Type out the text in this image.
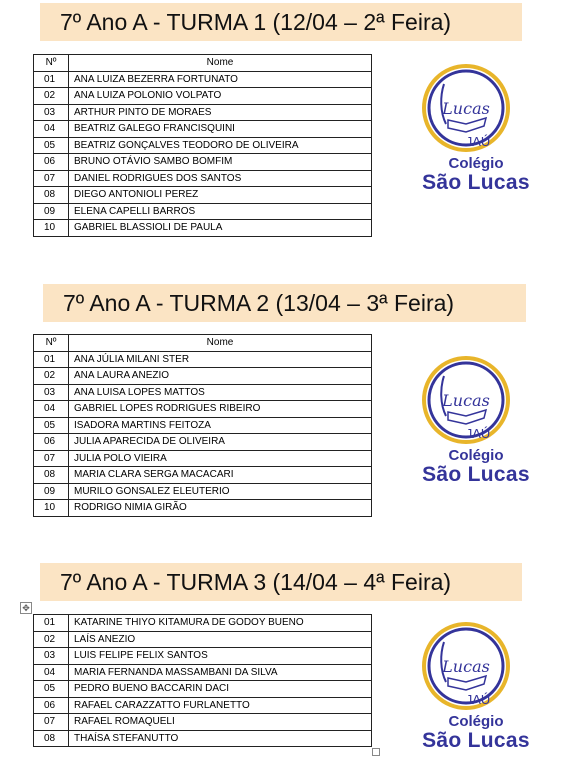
7º Ano A - TURMA 1 (12/04 – 2ª Feira)
Nº	Nome
01	ANA LUIZA BEZERRA FORTUNATO
02	ANA LUIZA POLONIO VOLPATO
03	ARTHUR PINTO DE MORAES
04	BEATRIZ GALEGO FRANCISQUINI
05	BEATRIZ GONÇALVES TEODORO DE OLIVEIRA
06	BRUNO OTÁVIO SAMBO BOMFIM
07	DANIEL RODRIGUES DOS SANTOS
08	DIEGO ANTONIOLI PEREZ
09	ELENA CAPELLI BARROS
10	GABRIEL BLASSIOLI DE PAULA
Lucas
JAÚ
Colégio
São Lucas
7º Ano A - TURMA 2 (13/04 – 3ª Feira)
Nº	Nome
01	ANA JÚLIA MILANI STER
02	ANA LAURA ANEZIO
03	ANA LUISA LOPES MATTOS
04	GABRIEL LOPES RODRIGUES RIBEIRO
05	ISADORA MARTINS FEITOZA
06	JULIA APARECIDA DE OLIVEIRA
07	JULIA POLO VIEIRA
08	MARIA CLARA SERGA MACACARI
09	MURILO GONSALEZ ELEUTERIO
10	RODRIGO NIMIA GIRÃO
Lucas
JAÚ
Colégio
São Lucas
7º Ano A - TURMA 3 (14/04 – 4ª Feira)
✥
01	KATARINE THIYO KITAMURA DE GODOY BUENO
02	LAÍS ANEZIO
03	LUIS FELIPE FELIX SANTOS
04	MARIA FERNANDA MASSAMBANI DA SILVA
05	PEDRO BUENO BACCARIN DACI
06	RAFAEL CARAZZATTO FURLANETTO
07	RAFAEL ROMAQUELI
08	THAÍSA STEFANUTTO
Lucas
JAÚ
Colégio
São Lucas
